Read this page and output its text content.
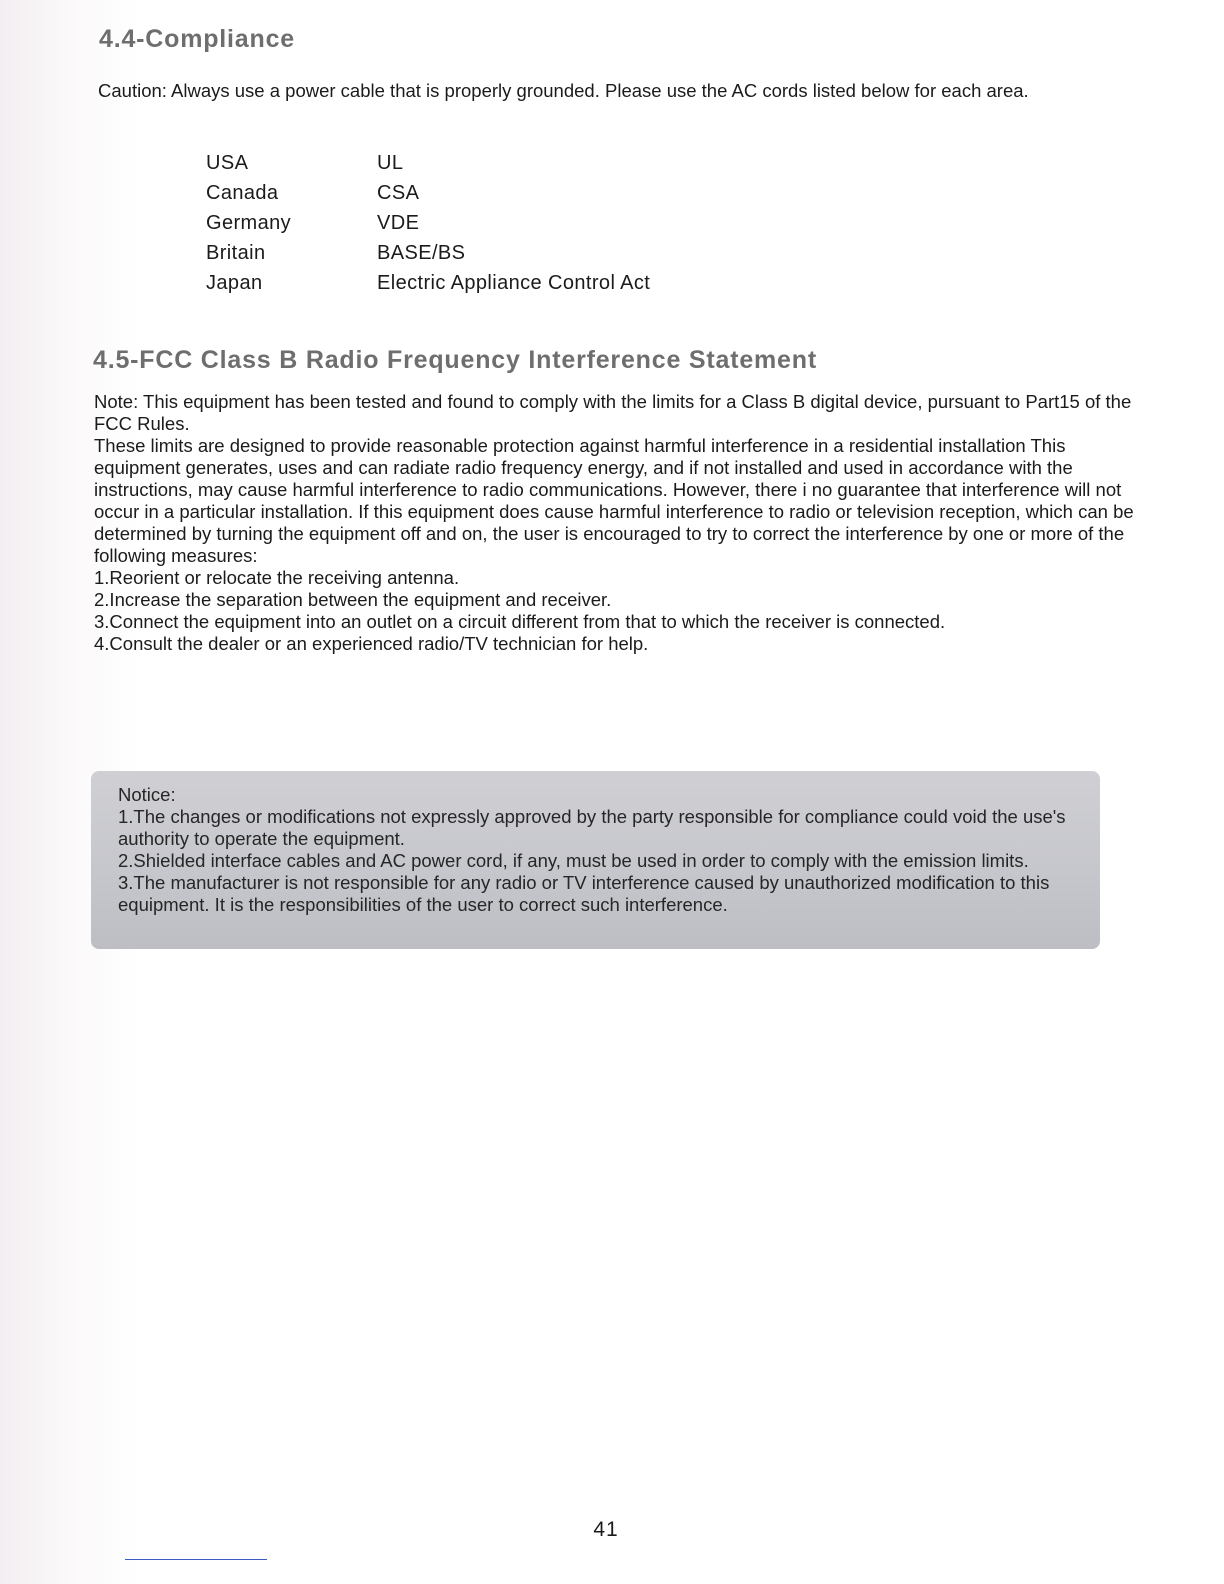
4.4-Compliance

Caution: Always use a power cable that is properly grounded. Please use the AC cords listed below for each area.

USA	UL
Canada	CSA
Germany	VDE
Britain	BASE/BS
Japan	Electric Appliance Control Act
4.5-FCC Class B Radio Frequency Interference Statement

Note: This equipment has been tested and found to comply with the limits for a Class B digital device, pursuant to Part15 of the FCC Rules.

These limits are designed to provide reasonable protection against harmful interference in a residential installation This equipment generates, uses and can radiate radio frequency energy, and if not installed and used in accordance with the instructions, may cause harmful interference to radio communications. However, there i no guarantee that interference will not occur in a particular installation. If this equipment does cause harmful interference to radio or television reception, which can be determined by turning the equipment off and on, the user is encouraged to try to correct the interference by one or more of the following measures:

1.Reorient or relocate the receiving antenna.

2.Increase the separation between the equipment and receiver.

3.Connect the equipment into an outlet on a circuit different from that to which the receiver is connected.

4.Consult the dealer or an experienced radio/TV technician for help.

Notice:

1.The changes or modifications not expressly approved by the party responsible for compliance could void the use's authority to operate the equipment.

2.Shielded interface cables and AC power cord, if any, must be used in order to comply with the emission limits.

3.The manufacturer is not responsible for any radio or TV interference caused by unauthorized modification to this equipment. It is the responsibilities of the user to correct such interference.

41
